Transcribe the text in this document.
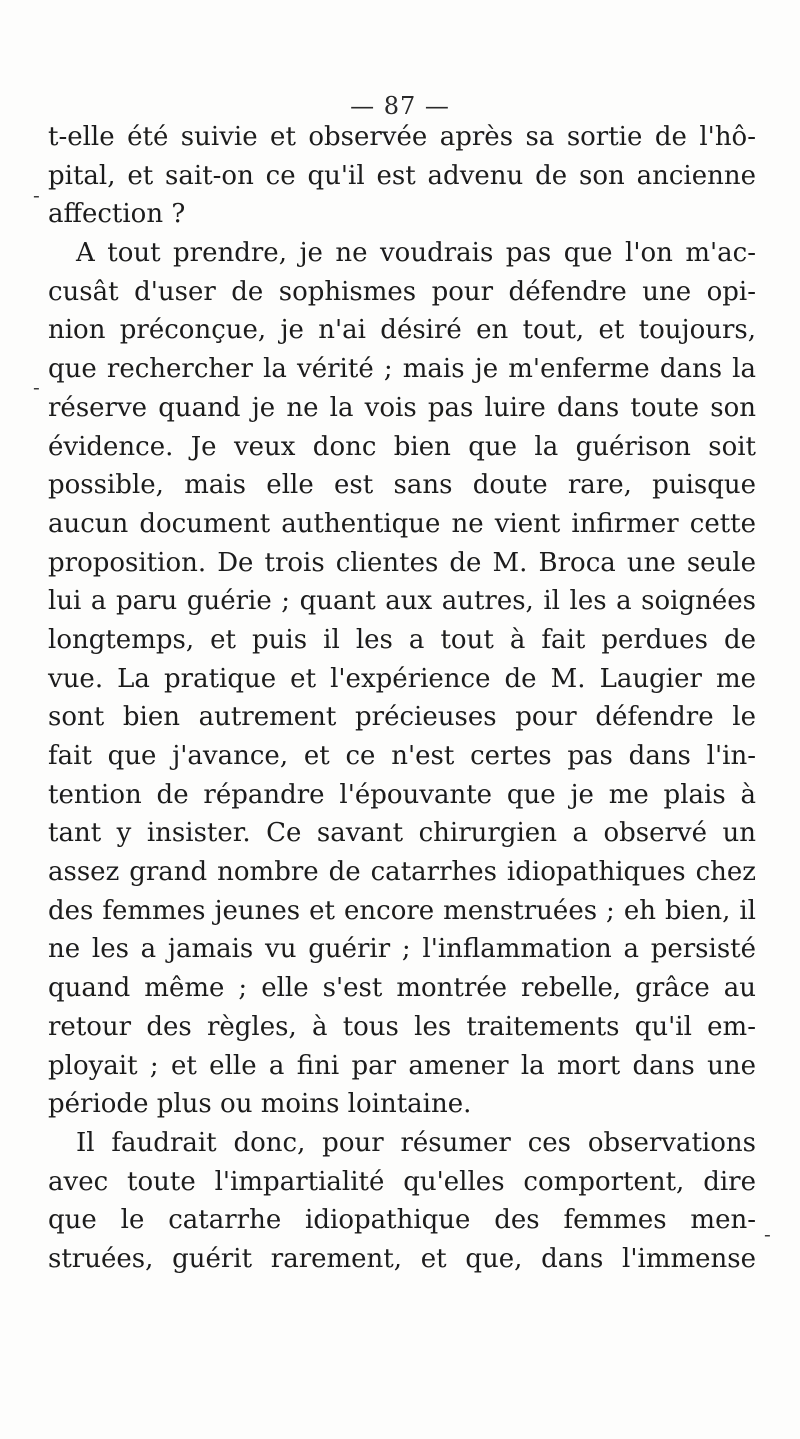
— 87 —
-
-
-
t-elle été suivie et observée après sa sortie de l'hô-
pital, et sait-on ce qu'il est advenu de son ancienne
affection ?
A tout prendre, je ne voudrais pas que l'on m'ac-
cusât d'user de sophismes pour défendre une opi-
nion préconçue, je n'ai désiré en tout, et toujours,
que rechercher la vérité ; mais je m'enferme dans la
réserve quand je ne la vois pas luire dans toute son
évidence. Je veux donc bien que la guérison soit
possible, mais elle est sans doute rare, puisque
aucun document authentique ne vient infirmer cette
proposition. De trois clientes de M. Broca une seule
lui a paru guérie ; quant aux autres, il les a soignées
longtemps, et puis il les a tout à fait perdues de
vue. La pratique et l'expérience de M. Laugier me
sont bien autrement précieuses pour défendre le
fait que j'avance, et ce n'est certes pas dans l'in-
tention de répandre l'épouvante que je me plais à
tant y insister. Ce savant chirurgien a observé un
assez grand nombre de catarrhes idiopathiques chez
des femmes jeunes et encore menstruées ; eh bien, il
ne les a jamais vu guérir ; l'inflammation a persisté
quand même ; elle s'est montrée rebelle, grâce au
retour des règles, à tous les traitements qu'il em-
ployait ; et elle a fini par amener la mort dans une
période plus ou moins lointaine.
Il faudrait donc, pour résumer ces observations
avec toute l'impartialité qu'elles comportent, dire
que le catarrhe idiopathique des femmes men-
struées, guérit rarement, et que, dans l'immense
